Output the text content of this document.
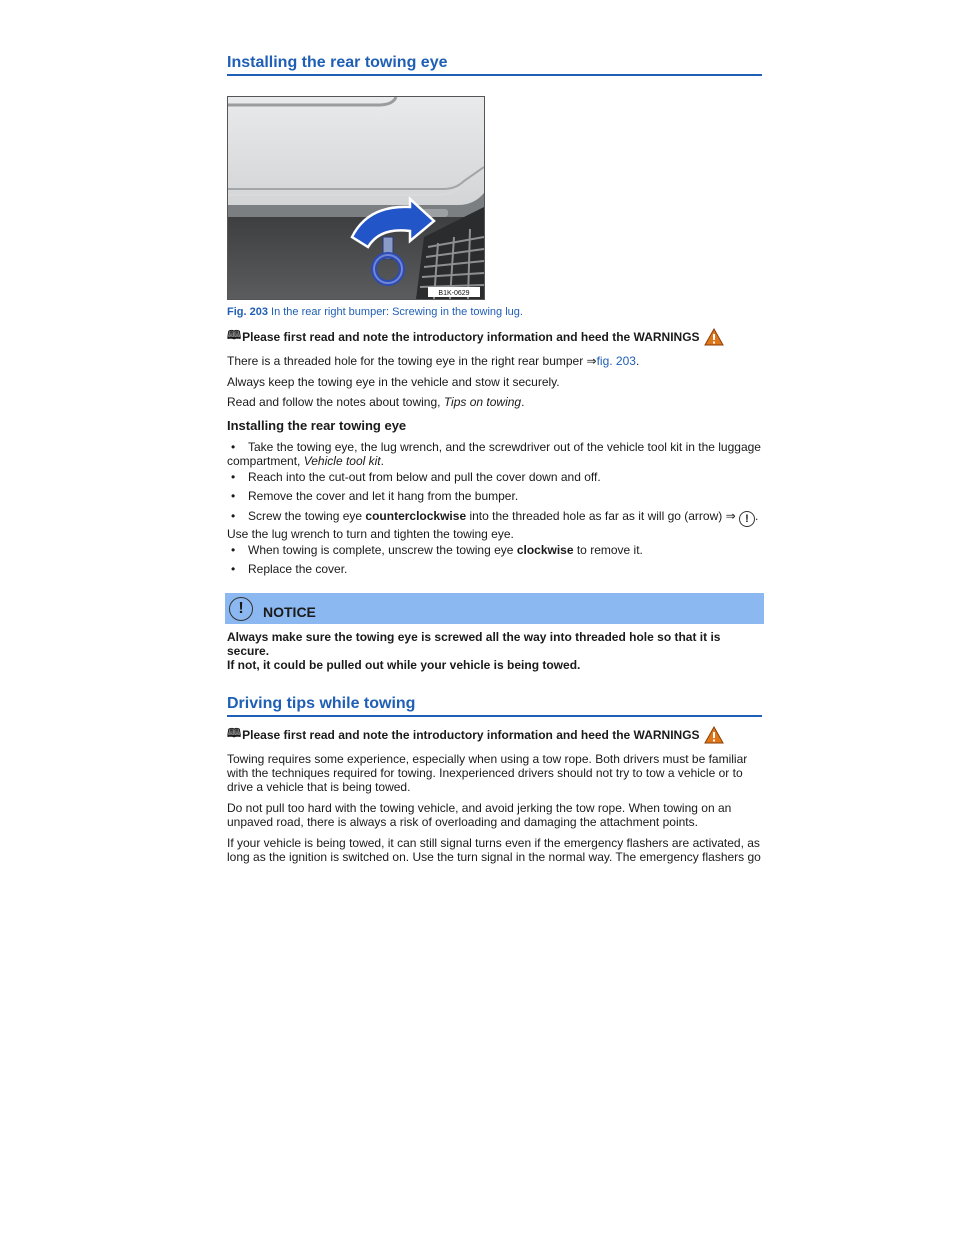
Installing the rear towing eye
B1K-0629
Fig. 203 In the rear right bumper: Screwing in the towing lug.
🕮 Please first read and note the introductory information and heed the WARNINGS

There is a threaded hole for the towing eye in the right rear bumper ⇒fig. 203.

Always keep the towing eye in the vehicle and stow it securely.

Read and follow the notes about towing, Tips on towing.

Installing the rear towing eye
• Take the towing eye, the lug wrench, and the screwdriver out of the vehicle tool kit in the luggage
compartment, Vehicle tool kit.
• Reach into the cut-out from below and pull the cover down and off.
• Remove the cover and let it hang from the bumper.
• Screw the towing eye counterclockwise into the threaded hole as far as it will go (arrow) ⇒ ! .
Use the lug wrench to turn and tighten the towing eye.
• When towing is complete, unscrew the towing eye clockwise to remove it.
• Replace the cover.
!	NOTICE
Always make sure the towing eye is screwed all the way into threaded hole so that it is secure.
If not, it could be pulled out while your vehicle is being towed.
Driving tips while towing
🕮 Please first read and note the introductory information and heed the WARNINGS
Towing requires some experience, especially when using a tow rope. Both drivers must be familiar
with the techniques required for towing. Inexperienced drivers should not try to tow a vehicle or to
drive a vehicle that is being towed.
Do not pull too hard with the towing vehicle, and avoid jerking the tow rope. When towing on an
unpaved road, there is always a risk of overloading and damaging the attachment points.
If your vehicle is being towed, it can still signal turns even if the emergency flashers are activated, as
long as the ignition is switched on. Use the turn signal in the normal way. The emergency flashers go
